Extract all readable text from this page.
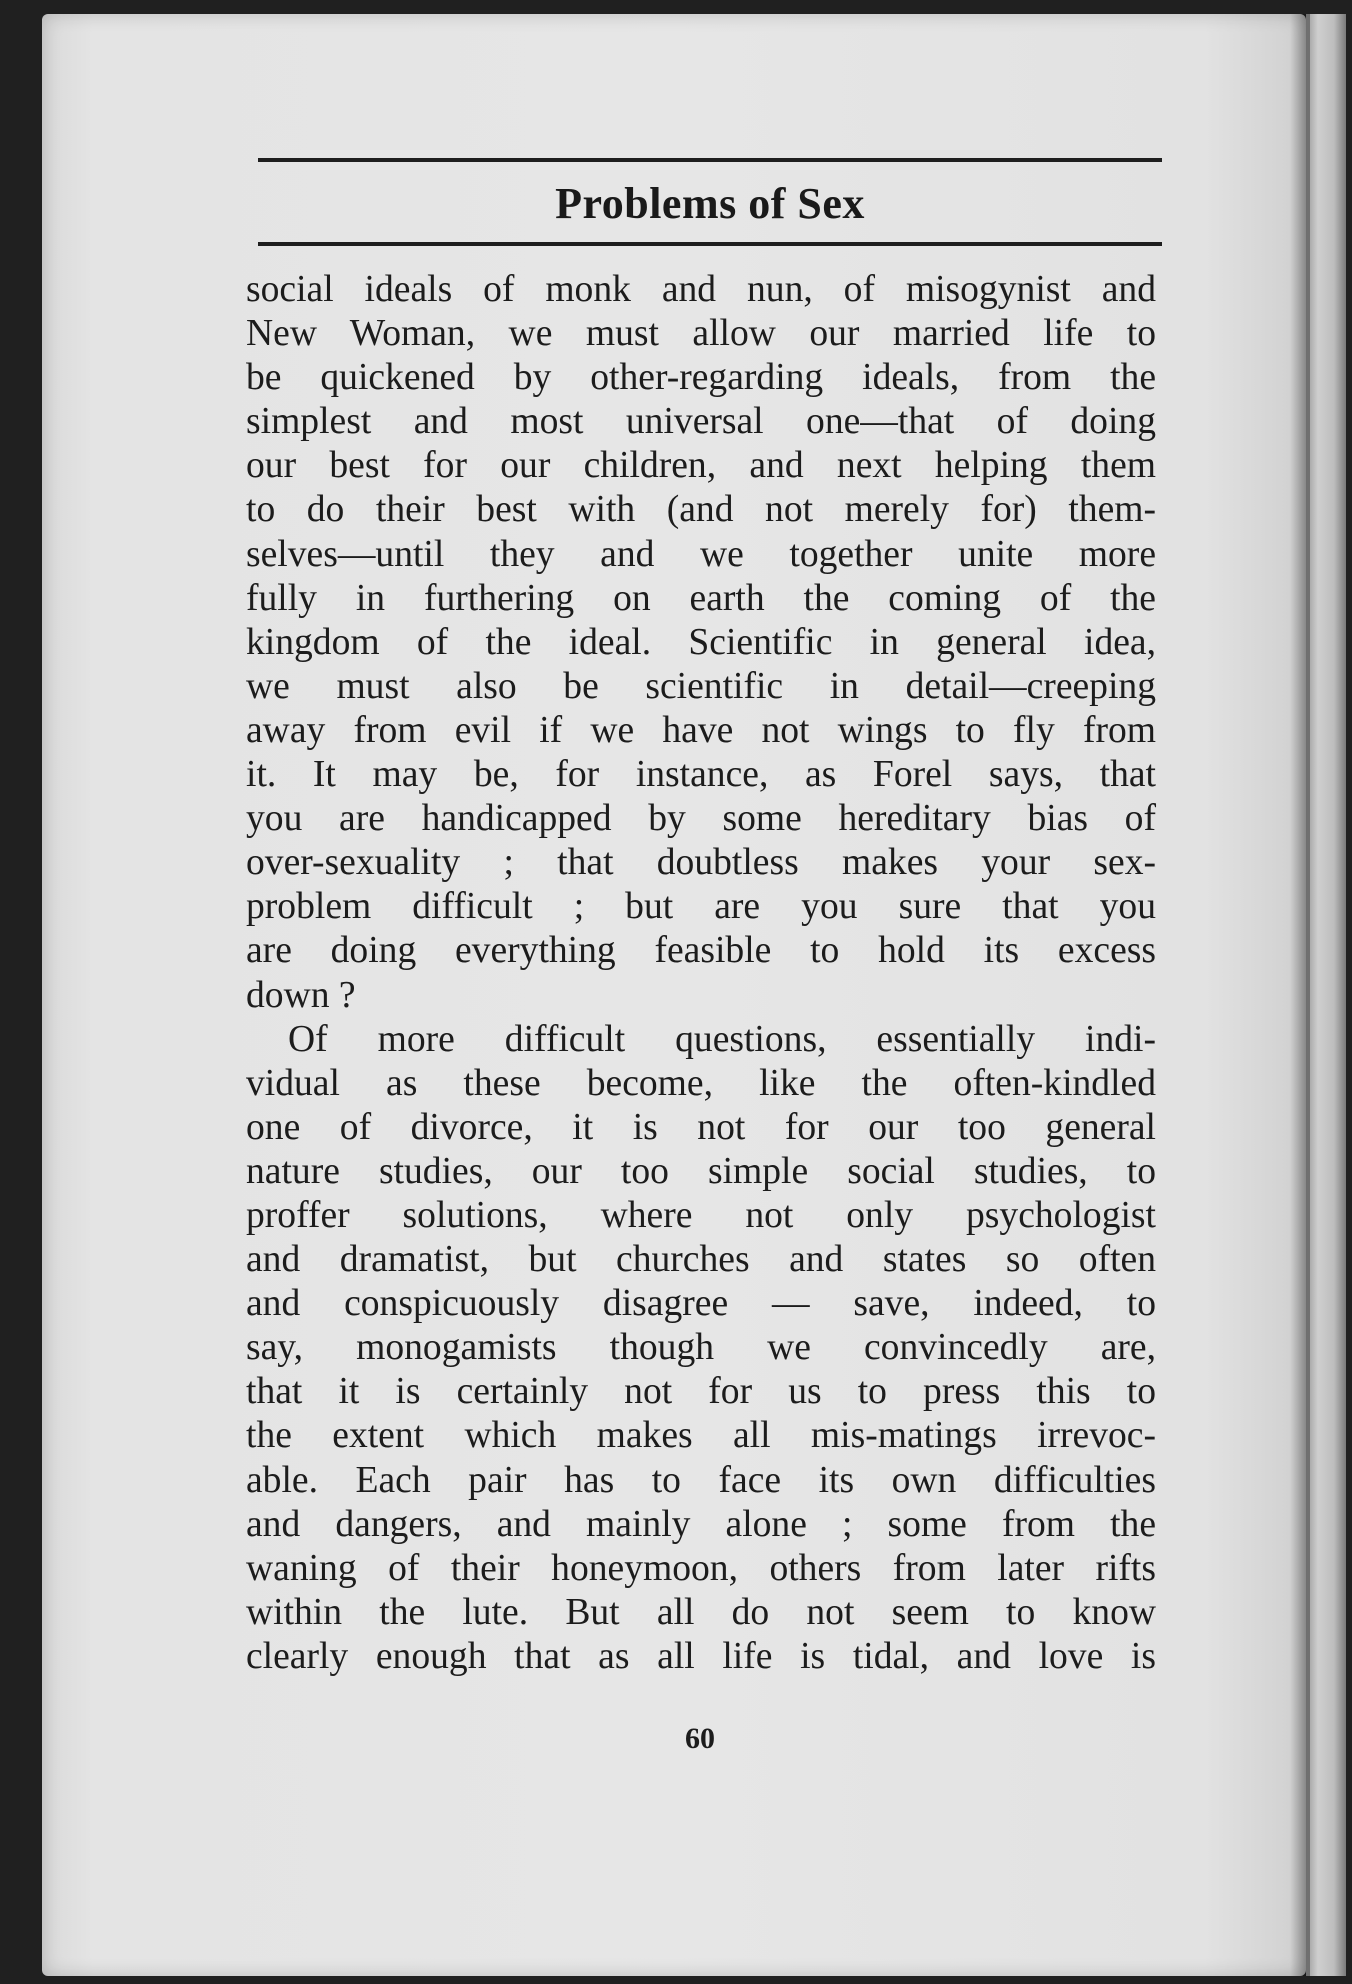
Problems of Sex
social ideals of monk and nun, of misogynist and
New Woman, we must allow our married life to
be quickened by other-regarding ideals, from the
simplest and most universal one—that of doing
our best for our children, and next helping them
to do their best with (and not merely for) them-
selves—until they and we together unite more
fully in furthering on earth the coming of the
kingdom of the ideal. Scientific in general idea,
we must also be scientific in detail—creeping
away from evil if we have not wings to fly from
it. It may be, for instance, as Forel says, that
you are handicapped by some hereditary bias of
over-sexuality ; that doubtless makes your sex-
problem difficult ; but are you sure that you
are doing everything feasible to hold its excess
down ?
Of more difficult questions, essentially indi-
vidual as these become, like the often-kindled
one of divorce, it is not for our too general
nature studies, our too simple social studies, to
proffer solutions, where not only psychologist
and dramatist, but churches and states so often
and conspicuously disagree — save, indeed, to
say, monogamists though we convincedly are,
that it is certainly not for us to press this to
the extent which makes all mis-matings irrevoc-
able. Each pair has to face its own difficulties
and dangers, and mainly alone ; some from the
waning of their honeymoon, others from later rifts
within the lute. But all do not seem to know
clearly enough that as all life is tidal, and love is
60
